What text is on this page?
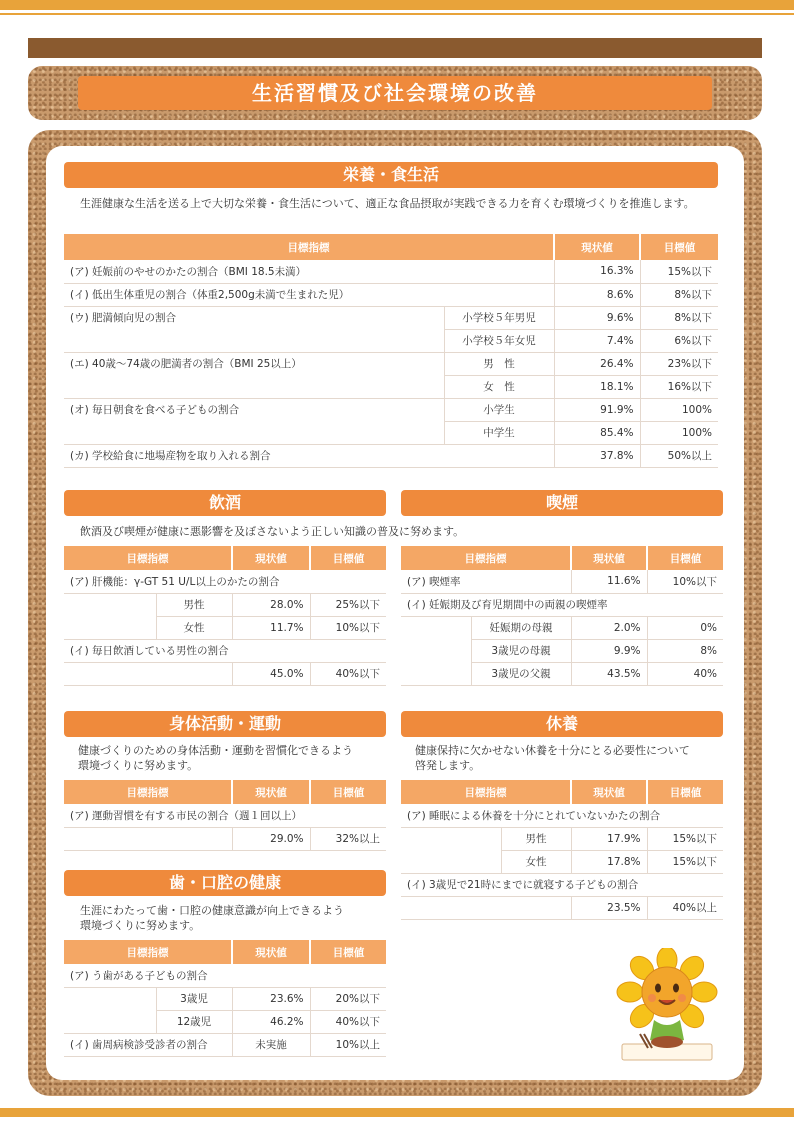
生活習慣及び社会環境の改善
栄養・食生活
生涯健康な生活を送る上で大切な栄養・食生活について、適正な食品摂取が実践できる力を育くむ環境づくりを推進します。
目標指標		現状値	目標値
(ア) 妊娠前のやせのかたの割合（BMI 18.5未満）		16.3%	15%以下
(イ) 低出生体重児の割合（体重2,500g未満で生まれた児）		8.6%	8%以下
(ウ) 肥満傾向児の割合	小学校５年男児	9.6%	8%以下
	小学校５年女児	7.4%	6%以下
(エ) 40歳～74歳の肥満者の割合（BMI 25以上）	男　性	26.4%	23%以下
	女　性	18.1%	16%以下
(オ) 毎日朝食を食べる子どもの割合	小学生	91.9%	100%
	中学生	85.4%	100%
(カ) 学校給食に地場産物を取り入れる割合		37.8%	50%以上
飲酒
飲酒及び喫煙が健康に悪影響を及ぼさないよう正しい知識の普及に努めます。
目標指標		現状値	目標値
(ア) 肝機能：γ-GT 51 U/L以上のかたの割合			
	男性	28.0%	25%以下
	女性	11.7%	10%以下
(イ) 毎日飲酒している男性の割合			
		45.0%	40%以下
喫煙
目標指標		現状値	目標値
(ア) 喫煙率		11.6%	10%以下
(イ) 妊娠期及び育児期間中の両親の喫煙率			
	妊娠期の母親	2.0%	0%
	3歳児の母親	9.9%	8%
	3歳児の父親	43.5%	40%
身体活動・運動
健康づくりのための身体活動・運動を習慣化できるよう
環境づくりに努めます。
目標指標	現状値	目標値
(ア) 運動習慣を有する市民の割合（週１回以上）		
	29.0%	32%以上
休養
健康保持に欠かせない休養を十分にとる必要性について
啓発します。
目標指標		現状値	目標値
(ア) 睡眠による休養を十分にとれていないかたの割合			
	男性	17.9%	15%以下
	女性	17.8%	15%以下
(イ) 3歳児で21時にまでに就寝する子どもの割合			
		23.5%	40%以上
歯・口腔の健康
生涯にわたって歯・口腔の健康意識が向上できるよう
環境づくりに努めます。
目標指標		現状値	目標値
(ア) う歯がある子どもの割合			
	3歳児	23.6%	20%以下
	12歳児	46.2%	40%以下
(イ) 歯周病検診受診者の割合		未実施	10%以上
